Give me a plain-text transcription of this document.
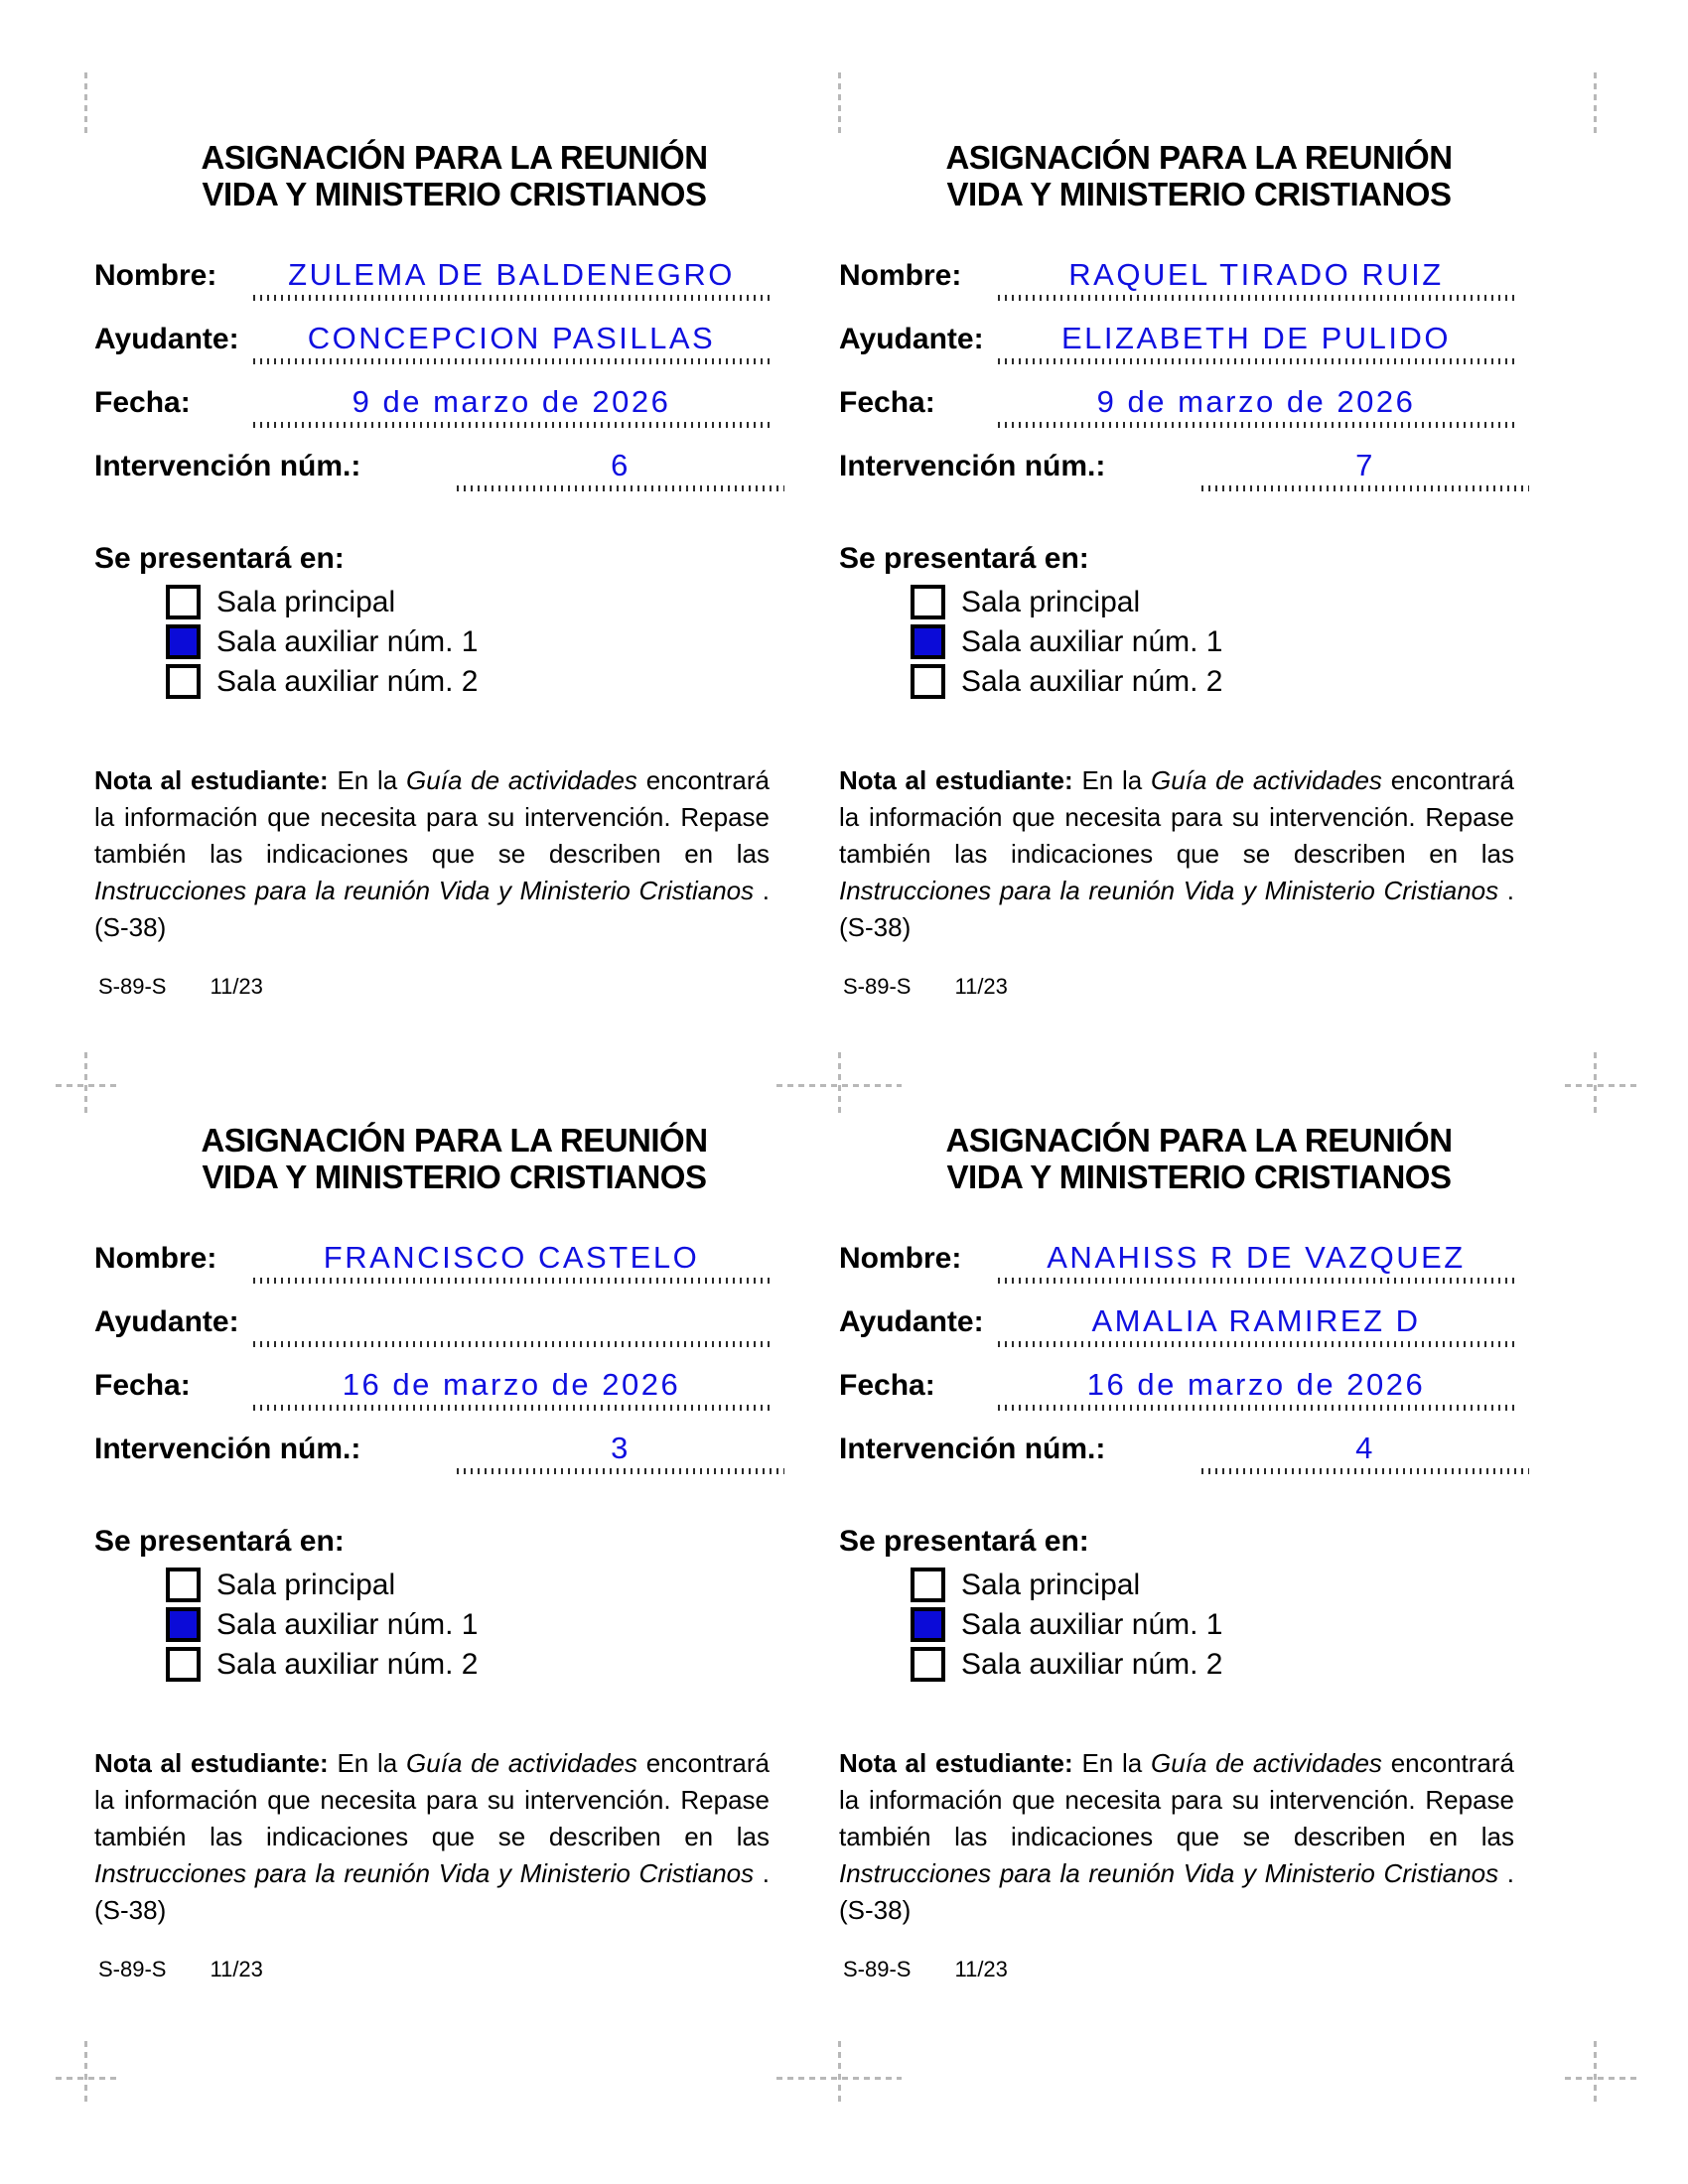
ASIGNACIÓN PARA LA REUNIÓN
VIDA Y MINISTERIO CRISTIANOS
Nombre:	ZULEMA DE BALDENEGRO
Ayudante: CONCEPCION PASILLAS
Fecha:	9 de marzo de 2026
Intervención núm.:	6
Se presentará en:
Sala principal
Sala auxiliar núm. 1
Sala auxiliar núm. 2

Nota al estudiante: En la Guía de actividades encontrará la información que necesita para su intervención. Repase también las indicaciones que se describen en las Instrucciones para la reunión Vida y Ministerio Cristianos . (S-38)

S-89-S 11/23
ASIGNACIÓN PARA LA REUNIÓN
VIDA Y MINISTERIO CRISTIANOS
Nombre:	RAQUEL TIRADO RUIZ
Ayudante:	ELIZABETH DE PULIDO
Fecha:	9 de marzo de 2026
Intervención núm.:	7
Se presentará en:
Sala principal
Sala auxiliar núm. 1
Sala auxiliar núm. 2

Nota al estudiante: En la Guía de actividades encontrará la información que necesita para su intervención. Repase también las indicaciones que se describen en las Instrucciones para la reunión Vida y Ministerio Cristianos . (S-38)

S-89-S 11/23
ASIGNACIÓN PARA LA REUNIÓN
VIDA Y MINISTERIO CRISTIANOS
Nombre:	FRANCISCO CASTELO
Ayudante:
Fecha:	16 de marzo de 2026
Intervención núm.:	3
Se presentará en:
Sala principal
Sala auxiliar núm. 1
Sala auxiliar núm. 2

Nota al estudiante: En la Guía de actividades encontrará la información que necesita para su intervención. Repase también las indicaciones que se describen en las Instrucciones para la reunión Vida y Ministerio Cristianos . (S-38)

S-89-S 11/23
ASIGNACIÓN PARA LA REUNIÓN
VIDA Y MINISTERIO CRISTIANOS
Nombre:	ANAHISS R DE VAZQUEZ
Ayudante:	AMALIA RAMIREZ D
Fecha:	16 de marzo de 2026
Intervención núm.:	4
Se presentará en:
Sala principal
Sala auxiliar núm. 1
Sala auxiliar núm. 2

Nota al estudiante: En la Guía de actividades encontrará la información que necesita para su intervención. Repase también las indicaciones que se describen en las Instrucciones para la reunión Vida y Ministerio Cristianos . (S-38)

S-89-S 11/23
